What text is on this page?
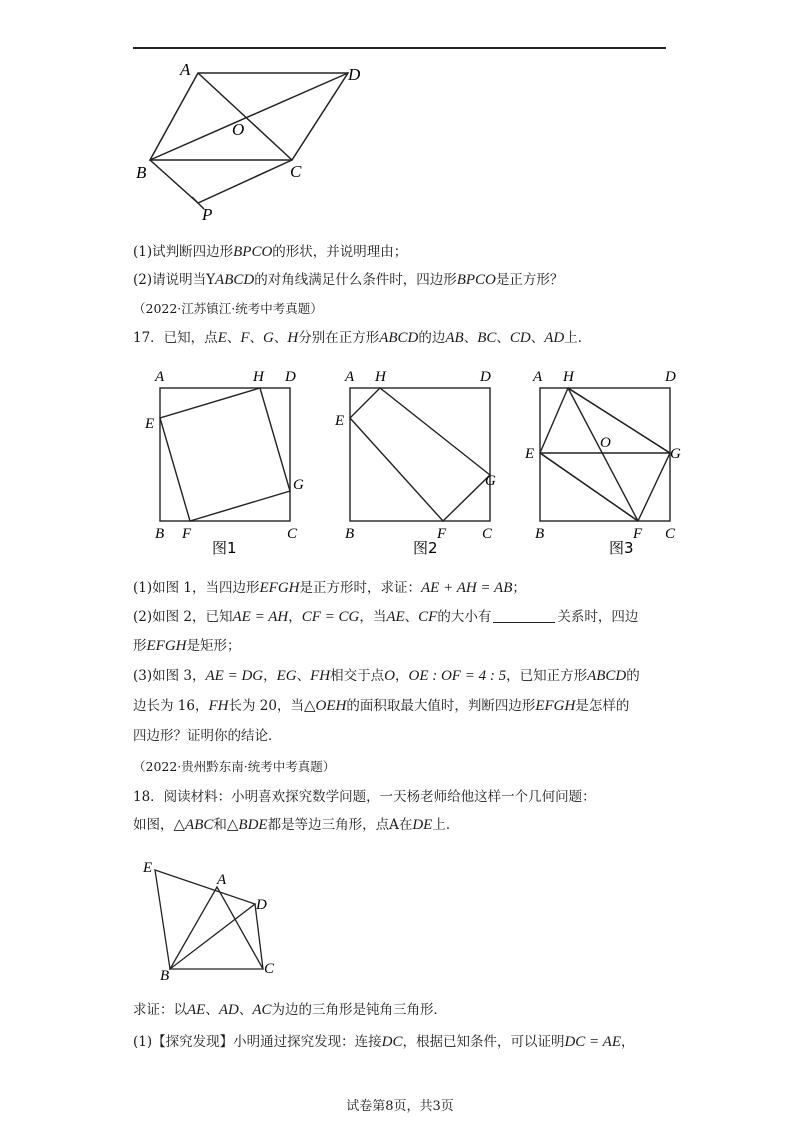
A	D
O
B	C
P
(1)试判断四边形BPCO的形状，并说明理由；
(2)请说明当YABCD的对角线满足什么条件时，四边形BPCO是正方形？
（2022·江苏镇江·统考中考真题）
17．已知，点E、F、G、H分别在正方形ABCD的边AB、BC、CD、AD上．
A	H D
E
G
B F	C
图1
A H	D
E
G
B	F C
图2
A H	D
E
O
G
B	F C
图3
(1)如图 1，当四边形EFGH是正方形时，求证：AE + AH = AB；
(2)如图 2，已知AE = AH，CF = CG，当AE、CF的大小有	关系时，四边
形EFGH是矩形；
(3)如图 3，AE = DG，EG、FH相交于点O，OE : OF = 4 : 5，已知正方形ABCD的
边长为 16，FH长为 20，当△OEH的面积取最大值时，判断四边形EFGH是怎样的
四边形？证明你的结论．
（2022·贵州黔东南·统考中考真题）
18．阅读材料：小明喜欢探究数学问题，一天杨老师给他这样一个几何问题：
如图，△ABC和△BDE都是等边三角形，点A在DE上．
E
A
D
B	C
求证：以AE、AD、AC为边的三角形是钝角三角形．
(1)【探究发现】小明通过探究发现：连接DC，根据已知条件，可以证明DC = AE，
试卷第8页，共3页
